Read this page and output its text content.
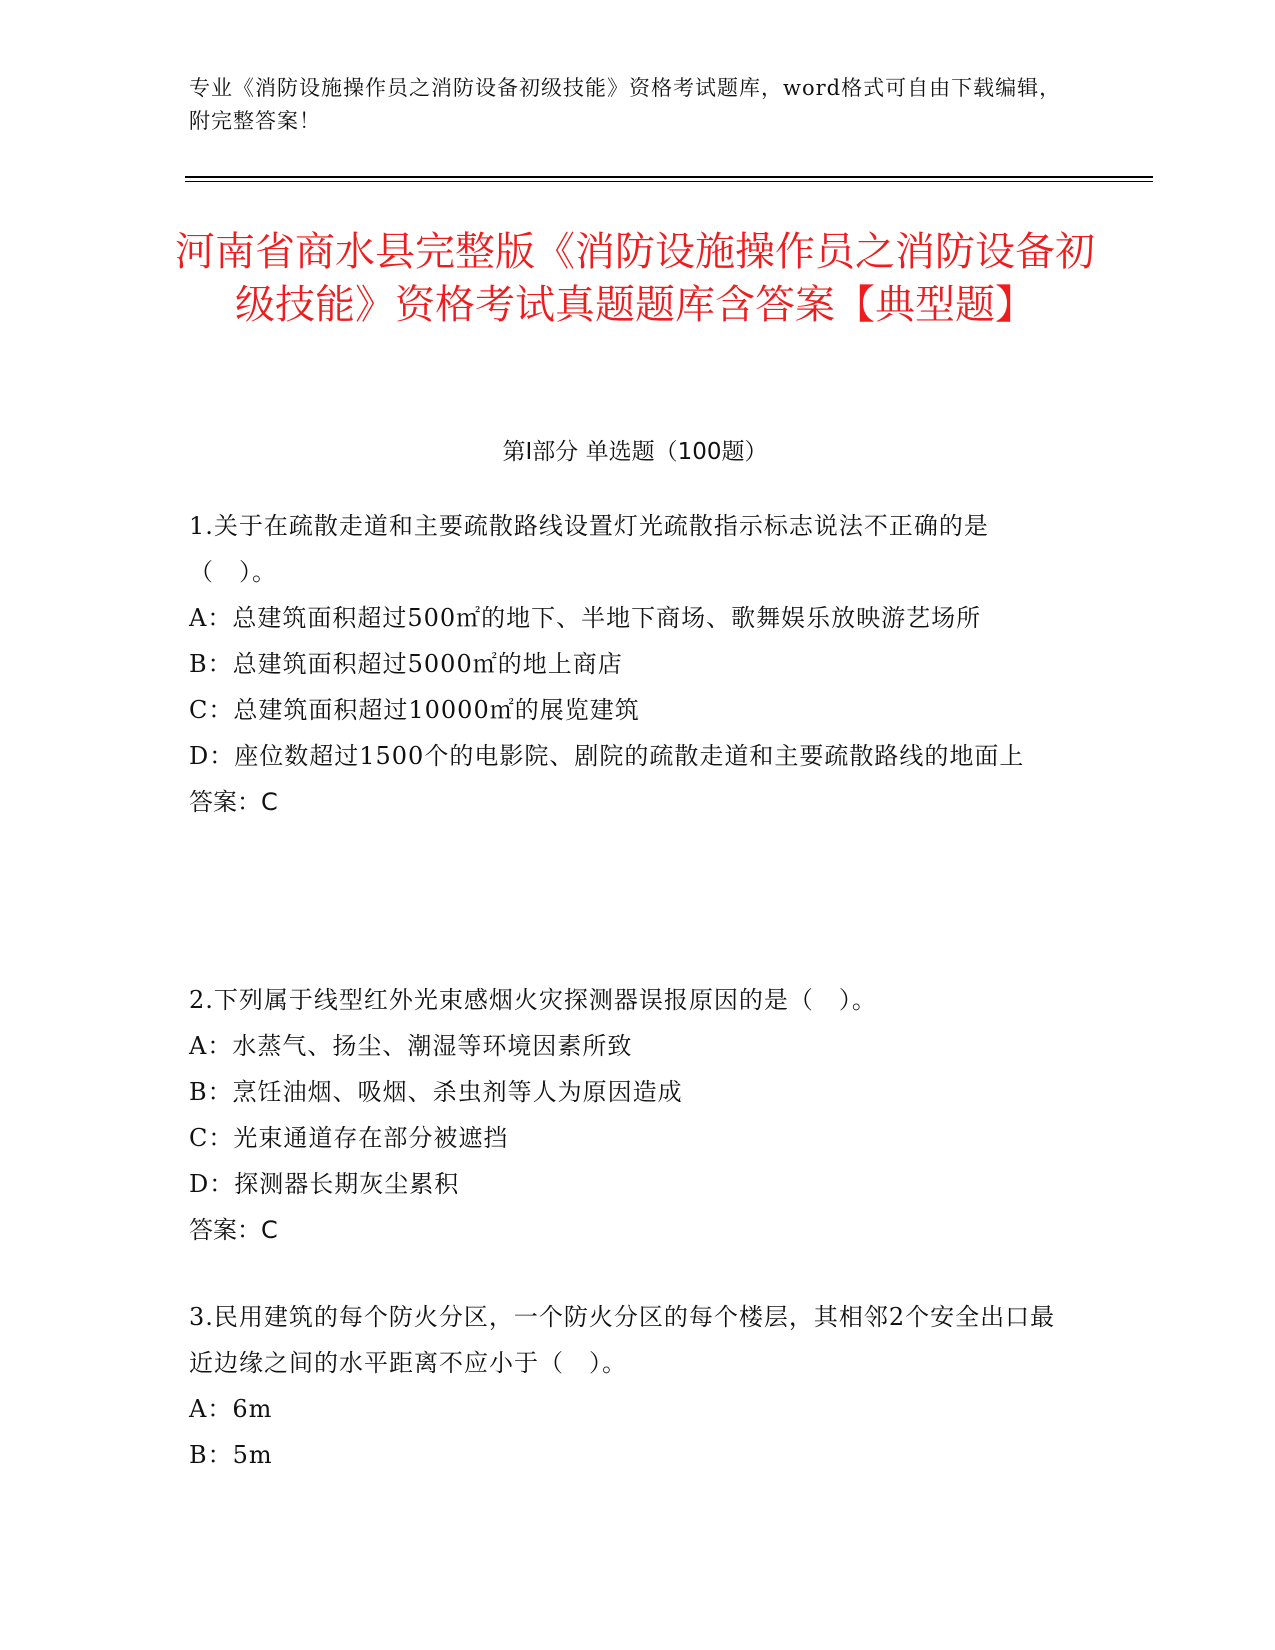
专业《消防设施操作员之消防设备初级技能》资格考试题库，word格式可自由下载编辑，附完整答案！
河南省商水县完整版《消防设施操作员之消防设备初级技能》资格考试真题题库含答案【典型题】
第Ⅰ部分 单选题（100题）
1.关于在疏散走道和主要疏散路线设置灯光疏散指示标志说法不正确的是（　）。
A：总建筑面积超过500㎡的地下、半地下商场、歌舞娱乐放映游艺场所
B：总建筑面积超过5000㎡的地上商店
C：总建筑面积超过10000㎡的展览建筑
D：座位数超过1500个的电影院、剧院的疏散走道和主要疏散路线的地面上
答案：C
2.下列属于线型红外光束感烟火灾探测器误报原因的是（　）。
A：水蒸气、扬尘、潮湿等环境因素所致
B：烹饪油烟、吸烟、杀虫剂等人为原因造成
C：光束通道存在部分被遮挡
D：探测器长期灰尘累积
答案：C
3.民用建筑的每个防火分区，一个防火分区的每个楼层，其相邻2个安全出口最近边缘之间的水平距离不应小于（　）。
A：6m
B：5m
